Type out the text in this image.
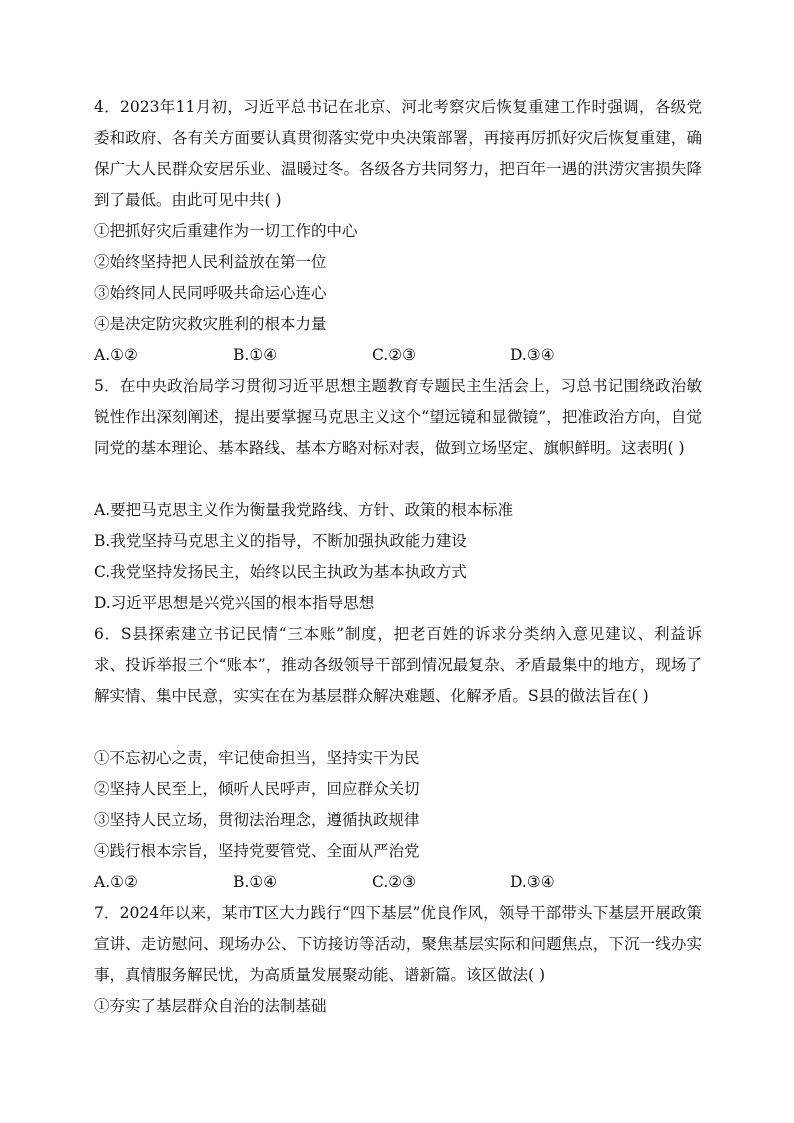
4．2023年11月初，习近平总书记在北京、河北考察灾后恢复重建工作时强调，各级党委和政府、各有关方面要认真贯彻落实党中央决策部署，再接再厉抓好灾后恢复重建，确保广大人民群众安居乐业、温暖过冬。各级各方共同努力，把百年一遇的洪涝灾害损失降到了最低。由此可见中共( )

①把抓好灾后重建作为一切工作的中心
②始终坚持把人民利益放在第一位
③始终同人民同呼吸共命运心连心
④是决定防灾救灾胜利的根本力量
A.①②	B.①④	C.②③	D.③④

5．在中央政治局学习贯彻习近平思想主题教育专题民主生活会上，习总书记围绕政治敏锐性作出深刻阐述，提出要掌握马克思主义这个“望远镜和显微镜”，把准政治方向，自觉同党的基本理论、基本路线、基本方略对标对表，做到立场坚定、旗帜鲜明。这表明( )

A.要把马克思主义作为衡量我党路线、方针、政策的根本标准
B.我党坚持马克思主义的指导，不断加强执政能力建设
C.我党坚持发扬民主，始终以民主执政为基本执政方式
D.习近平思想是兴党兴国的根本指导思想

6．S县探索建立书记民情“三本账”制度，把老百姓的诉求分类纳入意见建议、利益诉求、投诉举报三个“账本”，推动各级领导干部到情况最复杂、矛盾最集中的地方，现场了解实情、集中民意，实实在在为基层群众解决难题、化解矛盾。S县的做法旨在( )

①不忘初心之责，牢记使命担当，坚持实干为民
②坚持人民至上，倾听人民呼声，回应群众关切
③坚持人民立场，贯彻法治理念，遵循执政规律
④践行根本宗旨，坚持党要管党、全面从严治党
A.①②	B.①④	C.②③	D.③④

7．2024年以来，某市T区大力践行“四下基层”优良作风，领导干部带头下基层开展政策宣讲、走访慰问、现场办公、下访接访等活动，聚焦基层实际和问题焦点，下沉一线办实事，真情服务解民忧，为高质量发展聚动能、谱新篇。该区做法( )

①夯实了基层群众自治的法制基础
